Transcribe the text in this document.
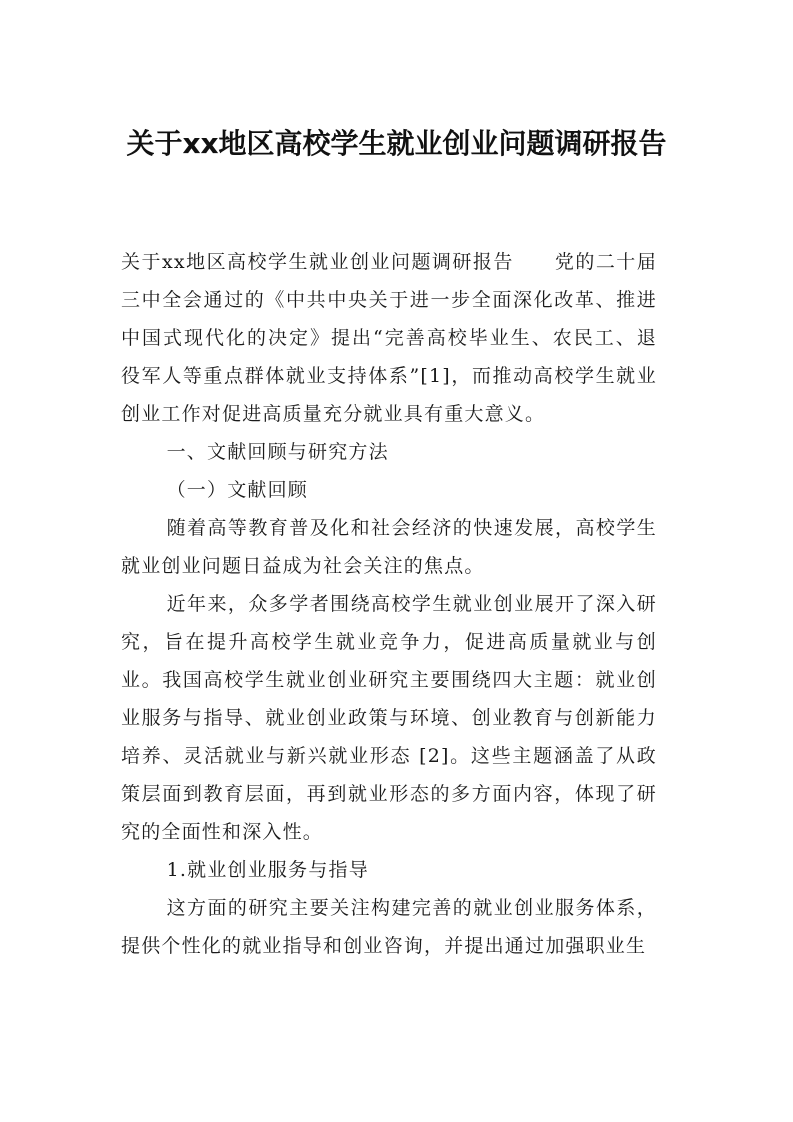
关于xx地区高校学生就业创业问题调研报告

关于xx地区高校学生就业创业问题调研报告　　党的二十届三中全会通过的《中共中央关于进一步全面深化改革、推进中国式现代化的决定》提出“完善高校毕业生、农民工、退役军人等重点群体就业支持体系”[1]，而推动高校学生就业创业工作对促进高质量充分就业具有重大意义。

一、文献回顾与研究方法

（一）文献回顾

随着高等教育普及化和社会经济的快速发展，高校学生就业创业问题日益成为社会关注的焦点。

近年来，众多学者围绕高校学生就业创业展开了深入研究，旨在提升高校学生就业竞争力，促进高质量就业与创业。我国高校学生就业创业研究主要围绕四大主题：就业创业服务与指导、就业创业政策与环境、创业教育与创新能力培养、灵活就业与新兴就业形态 [2]。这些主题涵盖了从政策层面到教育层面，再到就业形态的多方面内容，体现了研究的全面性和深入性。

1.就业创业服务与指导

这方面的研究主要关注构建完善的就业创业服务体系，提供个性化的就业指导和创业咨询，并提出通过加强职业生
